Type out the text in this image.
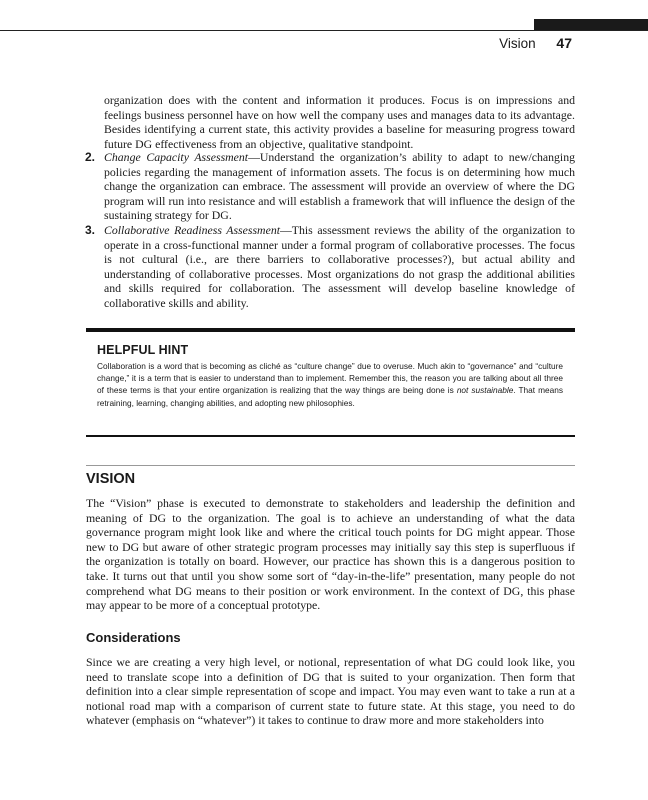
Vision 47

organization does with the content and information it produces. Focus is on impressions and feelings business personnel have on how well the company uses and manages data to its advantage. Besides identifying a current state, this activity provides a baseline for measuring progress toward future DG effectiveness from an objective, qualitative standpoint.

2. Change Capacity Assessment—Understand the organization’s ability to adapt to new/changing policies regarding the management of information assets. The focus is on determining how much change the organization can embrace. The assessment will provide an overview of where the DG program will run into resistance and will establish a framework that will influence the design of the sustaining strategy for DG.
3. Collaborative Readiness Assessment—This assessment reviews the ability of the organization to operate in a cross-functional manner under a formal program of collaborative processes. The focus is not cultural (i.e., are there barriers to collaborative processes?), but actual ability and understanding of collaborative processes. Most organizations do not grasp the additional abilities and skills required for collaboration. The assessment will develop baseline knowledge of collaborative skills and ability.
HELPFUL HINT
Collaboration is a word that is becoming as cliché as “culture change” due to overuse. Much akin to “governance” and “culture change,” it is a term that is easier to understand than to implement. Remember this, the reason you are talking about all three of these terms is that your entire organization is realizing that the way things are being done is not sustainable. That means retraining, learning, changing abilities, and adopting new philosophies.
VISION

The “Vision” phase is executed to demonstrate to stakeholders and leadership the definition and meaning of DG to the organization. The goal is to achieve an understanding of what the data governance program might look like and where the critical touch points for DG might appear. Those new to DG but aware of other strategic program processes may initially say this step is superfluous if the organization is totally on board. However, our practice has shown this is a dangerous position to take. It turns out that until you show some sort of “day-in-the-life” presentation, many people do not comprehend what DG means to their position or work environment. In the context of DG, this phase may appear to be more of a conceptual prototype.

Considerations

Since we are creating a very high level, or notional, representation of what DG could look like, you need to translate scope into a definition of DG that is suited to your organization. Then form that definition into a clear simple representation of scope and impact. You may even want to take a run at a notional road map with a comparison of current state to future state. At this stage, you need to do whatever (emphasis on “whatever”) it takes to continue to draw more and more stakeholders into
